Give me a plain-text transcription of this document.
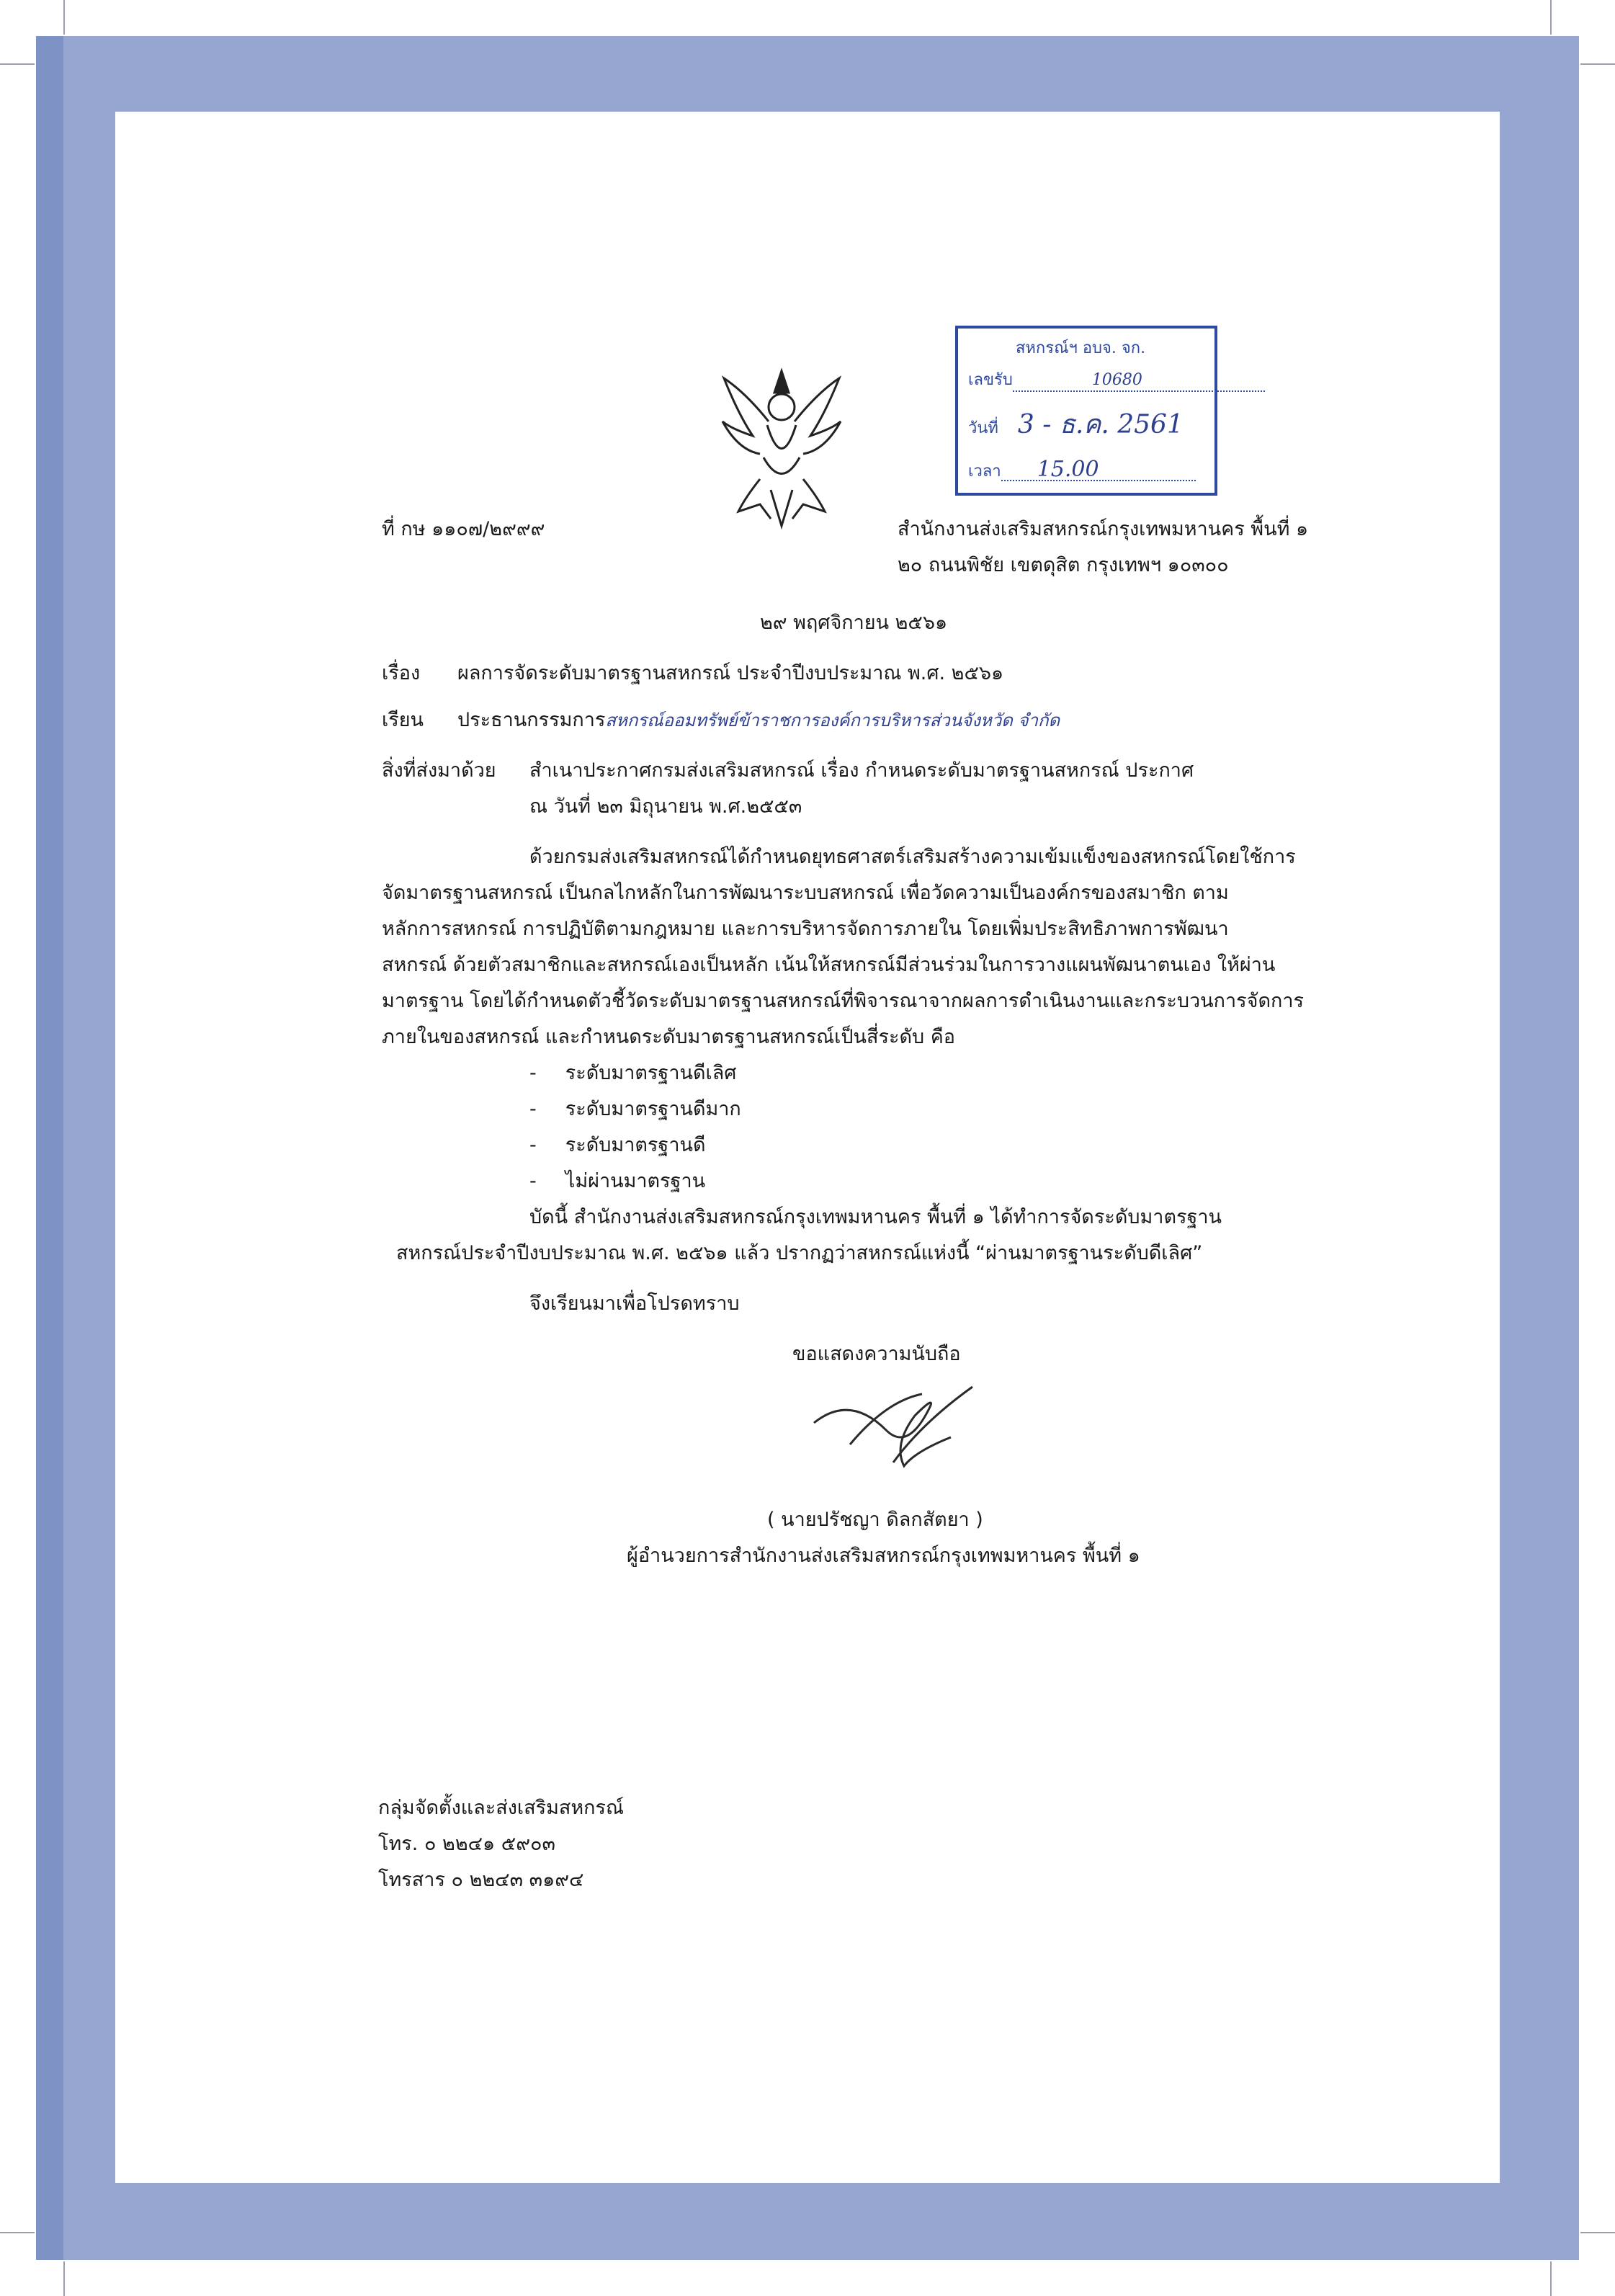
สหกรณ์ฯ อบจ. จก.
เลขรับ	10680
วันที่ 3 - ธ.ค. 2561
เวลา 15.00
ที่ กษ ๑๑๐๗/๒๙๙๙	สำนักงานส่งเสริมสหกรณ์กรุงเทพมหานคร พื้นที่ ๑
๒๐ ถนนพิชัย เขตดุสิต กรุงเทพฯ ๑๐๓๐๐
๒๙ พฤศจิกายน ๒๕๖๑
เรื่อง ผลการจัดระดับมาตรฐานสหกรณ์ ประจำปีงบประมาณ พ.ศ. ๒๕๖๑
เรียน ประธานกรรมการสหกรณ์ออมทรัพย์ข้าราชการองค์การบริหารส่วนจังหวัด จำกัด
สิ่งที่ส่งมาด้วย สำเนาประกาศกรมส่งเสริมสหกรณ์ เรื่อง กำหนดระดับมาตรฐานสหกรณ์ ประกาศ
ณ วันที่ ๒๓ มิถุนายน พ.ศ.๒๕๕๓
ด้วยกรมส่งเสริมสหกรณ์ได้กำหนดยุทธศาสตร์เสริมสร้างความเข้มแข็งของสหกรณ์โดยใช้การ
จัดมาตรฐานสหกรณ์ เป็นกลไกหลักในการพัฒนาระบบสหกรณ์ เพื่อวัดความเป็นองค์กรของสมาชิก ตาม
หลักการสหกรณ์ การปฏิบัติตามกฎหมาย และการบริหารจัดการภายใน โดยเพิ่มประสิทธิภาพการพัฒนา
สหกรณ์ ด้วยตัวสมาชิกและสหกรณ์เองเป็นหลัก เน้นให้สหกรณ์มีส่วนร่วมในการวางแผนพัฒนาตนเอง ให้ผ่าน
มาตรฐาน โดยได้กำหนดตัวชี้วัดระดับมาตรฐานสหกรณ์ที่พิจารณาจากผลการดำเนินงานและกระบวนการจัดการ
ภายในของสหกรณ์ และกำหนดระดับมาตรฐานสหกรณ์เป็นสี่ระดับ คือ
- ระดับมาตรฐานดีเลิศ
- ระดับมาตรฐานดีมาก
- ระดับมาตรฐานดี
- ไม่ผ่านมาตรฐาน
บัดนี้ สำนักงานส่งเสริมสหกรณ์กรุงเทพมหานคร พื้นที่ ๑ ได้ทำการจัดระดับมาตรฐาน
สหกรณ์ประจำปีงบประมาณ พ.ศ. ๒๕๖๑ แล้ว ปรากฏว่าสหกรณ์แห่งนี้ “ผ่านมาตรฐานระดับดีเลิศ”
จึงเรียนมาเพื่อโปรดทราบ
ขอแสดงความนับถือ
( นายปรัชญา ดิลกสัตยา )
ผู้อำนวยการสำนักงานส่งเสริมสหกรณ์กรุงเทพมหานคร พื้นที่ ๑
กลุ่มจัดตั้งและส่งเสริมสหกรณ์
โทร. ๐ ๒๒๔๑ ๕๙๐๓
โทรสาร ๐ ๒๒๔๓ ๓๑๙๔
